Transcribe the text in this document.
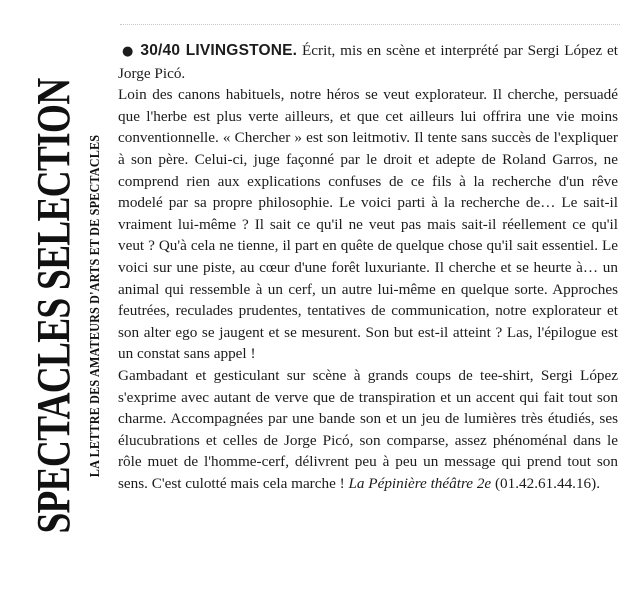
SPECTACLES SELECTION LA LETTRE DES AMATEURS D'ARTS ET DE SPECTACLES

● 30/40 LIVINGSTONE. Écrit, mis en scène et interprété par Sergi López et Jorge Picó.

Loin des canons habituels, notre héros se veut explorateur. Il cherche, persuadé que l'herbe est plus verte ailleurs, et que cet ailleurs lui offrira une vie moins conventionnelle. « Chercher » est son leitmotiv. Il tente sans succès de l'expliquer à son père. Celui-ci, juge façonné par le droit et adepte de Roland Garros, ne comprend rien aux explications confuses de ce fils à la recherche d'un rêve modelé par sa propre philosophie. Le voici parti à la recherche de… Le sait-il vraiment lui-même ? Il sait ce qu'il ne veut pas mais sait-il réellement ce qu'il veut ? Qu'à cela ne tienne, il part en quête de quelque chose qu'il sait essentiel. Le voici sur une piste, au cœur d'une forêt luxuriante. Il cherche et se heurte à… un animal qui ressemble à un cerf, un autre lui-même en quelque sorte. Approches feutrées, reculades prudentes, tentatives de communication, notre explorateur et son alter ego se jaugent et se mesurent. Son but est-il atteint ? Las, l'épilogue est un constat sans appel !

Gambadant et gesticulant sur scène à grands coups de tee-shirt, Sergi López s'exprime avec autant de verve que de transpiration et un accent qui fait tout son charme. Accompagnées par une bande son et un jeu de lumières très étudiés, ses élucubrations et celles de Jorge Picó, son comparse, assez phénoménal dans le rôle muet de l'homme-cerf, délivrent peu à peu un message qui prend tout son sens. C'est culotté mais cela marche ! La Pépinière théâtre 2e (01.42.61.44.16).
